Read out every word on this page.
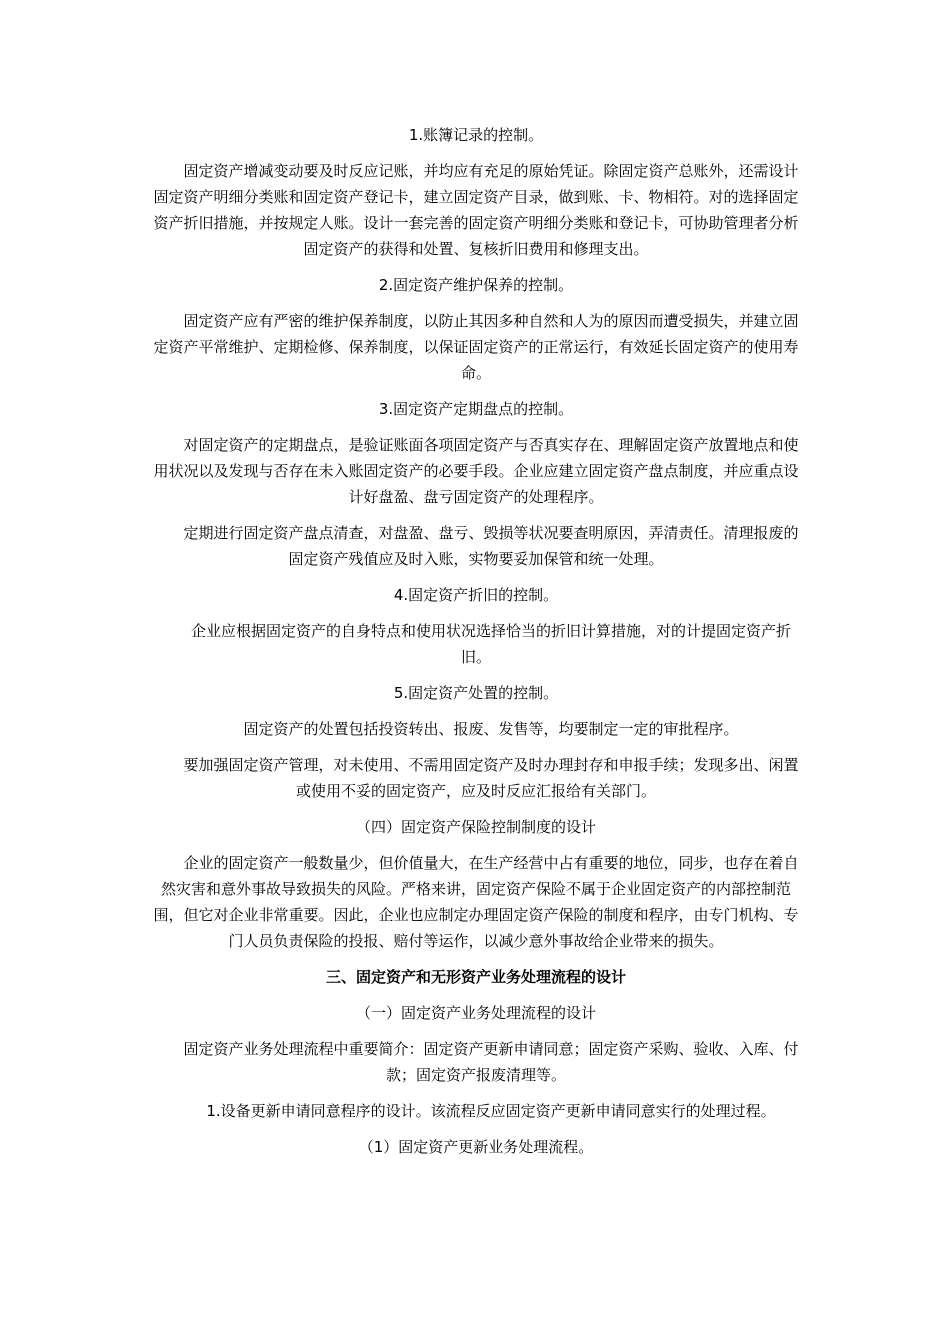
1.账簿记录的控制。

固定资产增减变动要及时反应记账，并均应有充足的原始凭证。除固定资产总账外，还需设计固定资产明细分类账和固定资产登记卡，建立固定资产目录，做到账、卡、物相符。对的选择固定资产折旧措施，并按规定人账。设计一套完善的固定资产明细分类账和登记卡，可协助管理者分析固定资产的获得和处置、复核折旧费用和修理支出。

2.固定资产维护保养的控制。

固定资产应有严密的维护保养制度，以防止其因多种自然和人为的原因而遭受损失，并建立固定资产平常维护、定期检修、保养制度，以保证固定资产的正常运行，有效延长固定资产的使用寿命。

3.固定资产定期盘点的控制。

对固定资产的定期盘点，是验证账面各项固定资产与否真实存在、理解固定资产放置地点和使用状况以及发现与否存在未入账固定资产的必要手段。企业应建立固定资产盘点制度，并应重点设计好盘盈、盘亏固定资产的处理程序。

定期进行固定资产盘点清查，对盘盈、盘亏、毁损等状况要查明原因，弄清责任。清理报废的固定资产残值应及时入账，实物要妥加保管和统一处理。

4.固定资产折旧的控制。

企业应根据固定资产的自身特点和使用状况选择恰当的折旧计算措施，对的计提固定资产折旧。

5.固定资产处置的控制。

固定资产的处置包括投资转出、报废、发售等，均要制定一定的审批程序。

要加强固定资产管理，对未使用、不需用固定资产及时办理封存和申报手续；发现多出、闲置或使用不妥的固定资产，应及时反应汇报给有关部门。

（四）固定资产保险控制制度的设计

企业的固定资产一般数量少，但价值量大，在生产经营中占有重要的地位，同步，也存在着自然灾害和意外事故导致损失的风险。严格来讲，固定资产保险不属于企业固定资产的内部控制范围，但它对企业非常重要。因此，企业也应制定办理固定资产保险的制度和程序，由专门机构、专门人员负责保险的投报、赔付等运作，以减少意外事故给企业带来的损失。

三、固定资产和无形资产业务处理流程的设计

（一）固定资产业务处理流程的设计

固定资产业务处理流程中重要简介：固定资产更新申请同意；固定资产采购、验收、入库、付款；固定资产报废清理等。

1.设备更新申请同意程序的设计。该流程反应固定资产更新申请同意实行的处理过程。

（1）固定资产更新业务处理流程。
